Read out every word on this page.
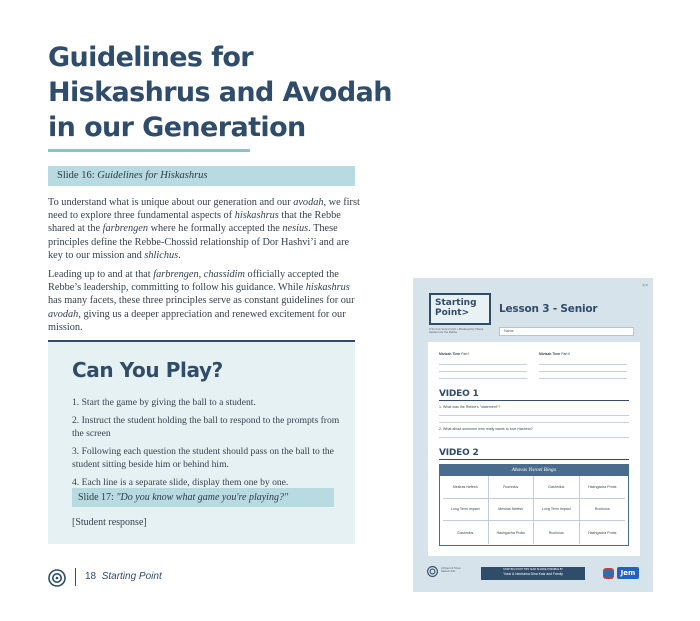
Guidelines for
Hiskashrus and Avodah
in our Generation
Slide 16: Guidelines for Hiskashrus

To understand what is unique about our generation and our avodah, we first need to explore three fundamental aspects of hiskashrus that the Rebbe shared at the farbrengen where he formally accepted the nesius. These principles define the Rebbe-Chossid relationship of Dor Hashvi’i and are key to our mission and shlichus.

Leading up to and at that farbrengen, chassidim officially accepted the Rebbe’s leadership, committing to follow his guidance. While hiskashrus has many facets, these three principles serve as constant guidelines for our avodah, giving us a deeper appreciation and renewed excitement for our mission.

Can You Play?
1. Start the game by giving the ball to a student.
2. Instruct the student holding the ball to respond to the prompts from the screen
3. Following each question the student should pass on the ball to the student sitting beside him or behind him.
4. Each line is a separate slide, display them one by one.
Slide 17: "Do you know what game you're playing?"
[Student response]
18 Starting Point
××
Starting
Point>
תוכנית שיעורים מיוחדת • Produced by Tzivos Hashem for the Rebbe
Lesson 3 - Senior
Name
Mivtzah Time Part I	Mivtzah Time Part II
VIDEO 1
1. What was the Rebbe's "statement"?
2. What about someone who really wants to love Hashem?
VIDEO 2
Ahavas Yisroel Bingo
Mesiras Nefesh	Ruchnius	Gashmius	Hashgacha Protis
Long Term Impact	Mesiras Nefesh	Long Term Impact	Ruchnius
Gashmius	Hashgacha Protis	Ruchnius	Hashgacha Protis
A Project of Tzivos Hashem Kids
STARTING POINT THIS YEAR IS MADE POSSIBLE BY
Yossi & Nechama Dina Katz and Family	Jem
